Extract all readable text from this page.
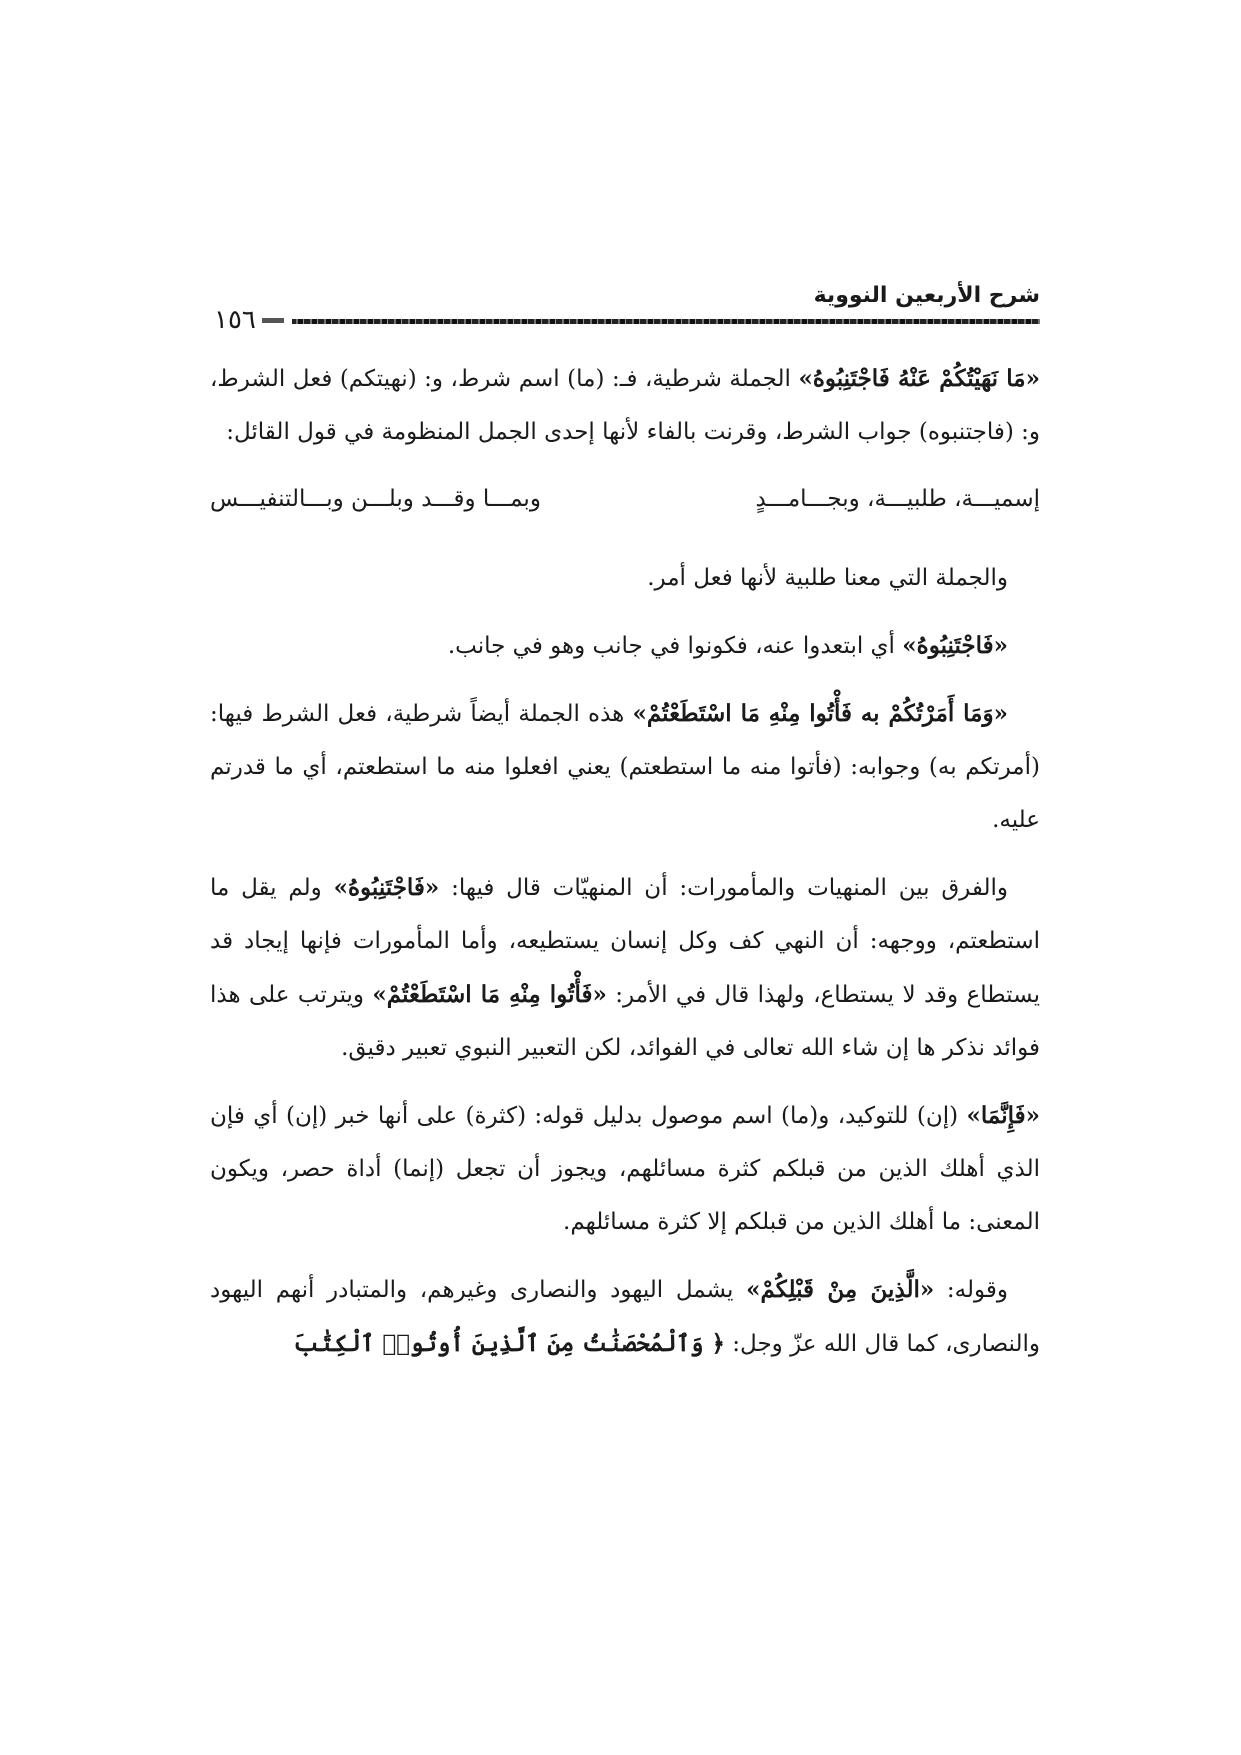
شرح الأربعين النووية
١٥٦

«مَا نَهَيْتُكُمْ عَنْهُ فَاجْتَنِبُوهُ» الجملة شرطية، فـ: (ما) اسم شرط، و: (نهيتكم) فعل الشرط، و: (فاجتنبوه) جواب الشرط، وقرنت بالفاء لأنها إحدى الجمل المنظومة في قول القائل:

إسميـــة، طلبيـــة، وبجـــامـــدٍ
وبمـــا وقـــد وبلـــن وبـــالتنفيـــس

والجملة التي معنا طلبية لأنها فعل أمر.

«فَاجْتَنِبُوهُ» أي ابتعدوا عنه، فكونوا في جانب وهو في جانب.

«وَمَا أَمَرْتُكُمْ به فَأْتُوا مِنْهِ مَا اسْتَطَعْتُمْ» هذه الجملة أيضاً شرطية، فعل الشرط فيها: (أمرتكم به) وجوابه: (فأتوا منه ما استطعتم) يعني افعلوا منه ما استطعتم، أي ما قدرتم عليه.

والفرق بين المنهيات والمأمورات: أن المنهيّات قال فيها: «فَاجْتَنِبُوهُ» ولم يقل ما استطعتم، ووجهه: أن النهي كف وكل إنسان يستطيعه، وأما المأمورات فإنها إيجاد قد يستطاع وقد لا يستطاع، ولهذا قال في الأمر: «فَأْتُوا مِنْهِ مَا اسْتَطَعْتُمْ» ويترتب على هذا فوائد نذكر ها إن شاء الله تعالى في الفوائد، لكن التعبير النبوي تعبير دقيق.

«فَإِنَّمَا» (إن) للتوكيد، و(ما) اسم موصول بدليل قوله: (كثرة) على أنها خبر (إن) أي فإن الذي أهلك الذين من قبلكم كثرة مسائلهم، ويجوز أن تجعل (إنما) أداة حصر، ويكون المعنى: ما أهلك الذين من قبلكم إلا كثرة مسائلهم.

وقوله: «الَّذِينَ مِنْ قَبْلِكُمْ» يشمل اليهود والنصارى وغيرهم، والمتبادر أنهم اليهود والنصارى، كما قال الله عزّ وجل: ﴿ وَٱلْمُحْصَنَٰتُ مِنَ ٱلَّذِينَ أُوتُوا۟ ٱلْكِتَٰبَ
